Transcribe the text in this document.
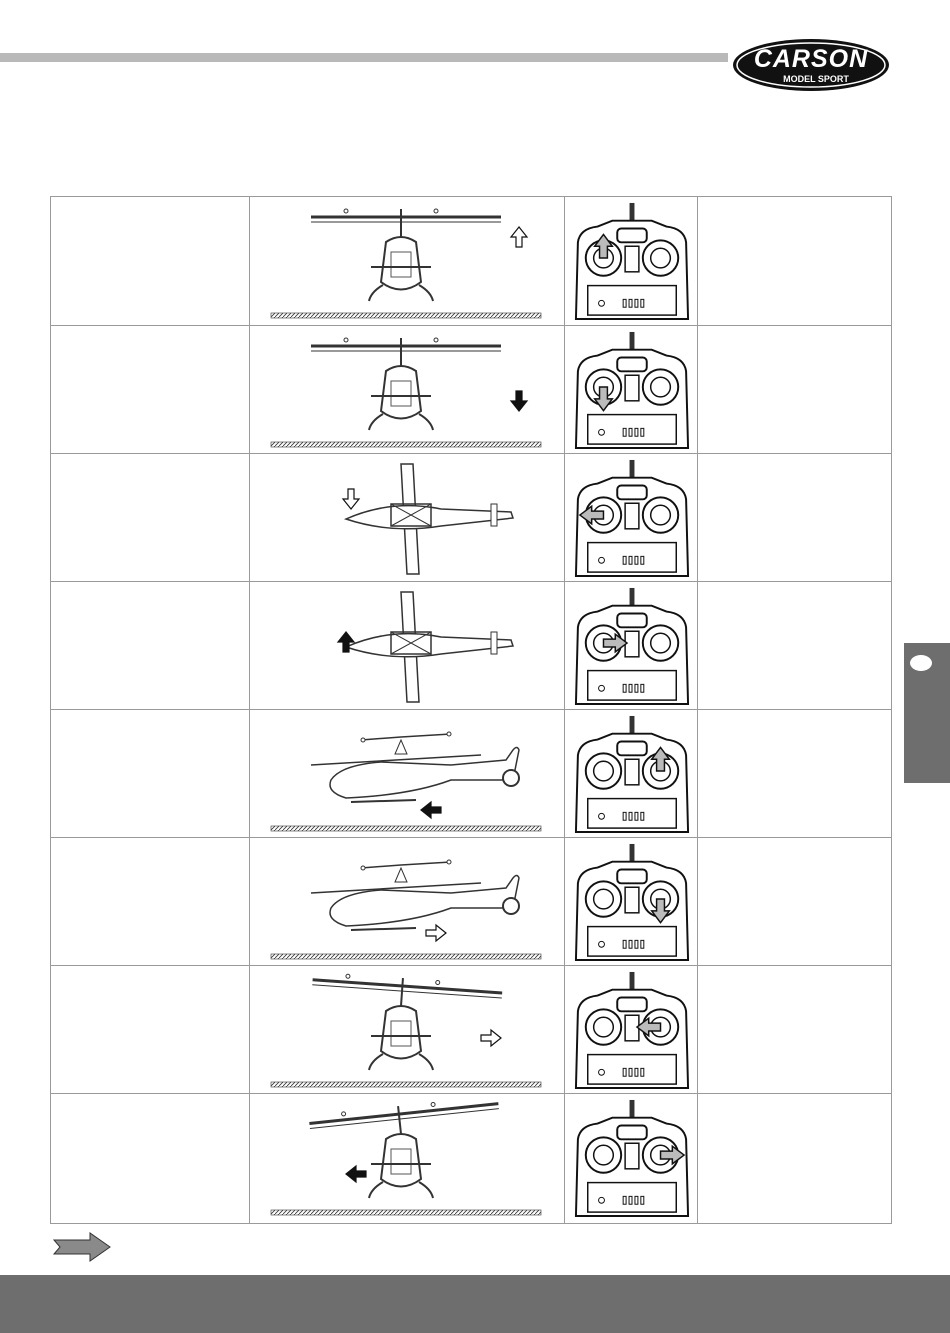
CARSON
MODEL SPORT
